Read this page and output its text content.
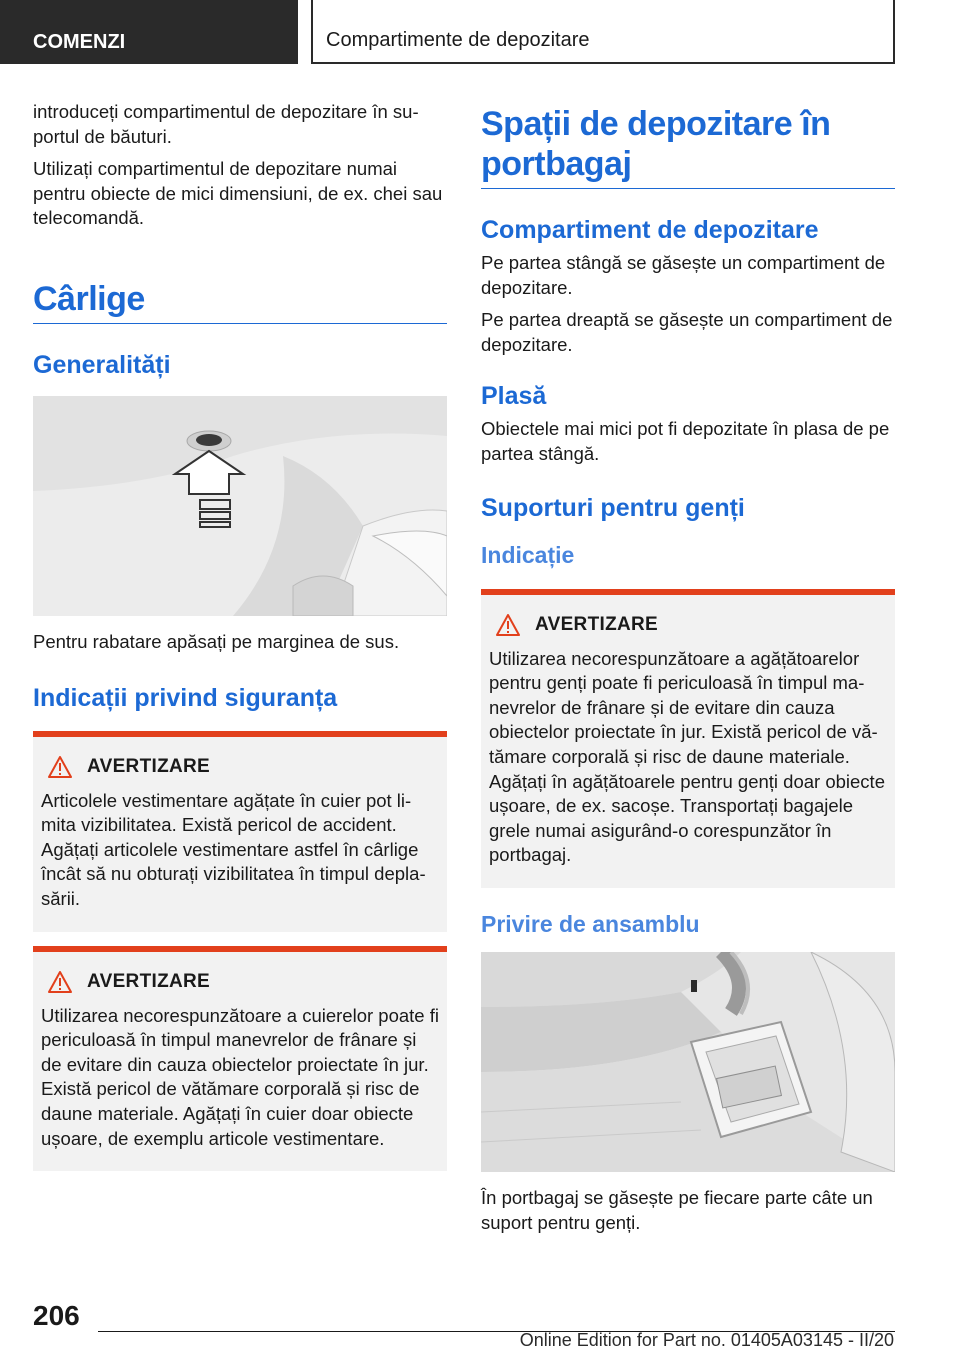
COMENZI	Compartimente de depozitare

introduceți compartimentul de depozitare în suportul de băuturi.

Utilizați compartimentul de depozitare numai pentru obiecte de mici dimensiuni, de ex. chei sau telecomandă.

Cârlige
Generalități

Pentru rabatare apăsați pe marginea de sus.

Indicații privind siguranța
AVERTIZARE
Articolele vestimentare agățate în cuier pot limita vizibilitatea. Există pericol de accident. Agățați articolele vestimentare astfel în cârlige încât să nu obturați vizibilitatea în timpul deplasării.
AVERTIZARE
Utilizarea necorespunzătoare a cuierelor poate fi periculoasă în timpul manevrelor de frânare și de evitare din cauza obiectelor proiectate în jur. Există pericol de vătămare corporală și risc de daune materiale. Agățați în cuier doar obiecte ușoare, de exemplu articole vestimentare.
Spații de depozitare în portbagaj
Compartiment de depozitare

Pe partea stângă se găsește un compartiment de depozitare.

Pe partea dreaptă se găsește un compartiment de depozitare.

Plasă

Obiectele mai mici pot fi depozitate în plasa de pe partea stângă.

Suporturi pentru genți
Indicație
AVERTIZARE
Utilizarea necorespunzătoare a agățătoarelor pentru genți poate fi periculoasă în timpul manevrelor de frânare și de evitare din cauza obiectelor proiectate în jur. Există pericol de vătămare corporală și risc de daune materiale. Agățați în agățătoarele pentru genți doar obiecte ușoare, de ex. sacoșe. Transportați bagajele grele numai asigurând-o corespunzător în portbagaj.
Privire de ansamblu

În portbagaj se găsește pe fiecare parte câte un suport pentru genți.

206
Online Edition for Part no. 01405A03145 - II/20
